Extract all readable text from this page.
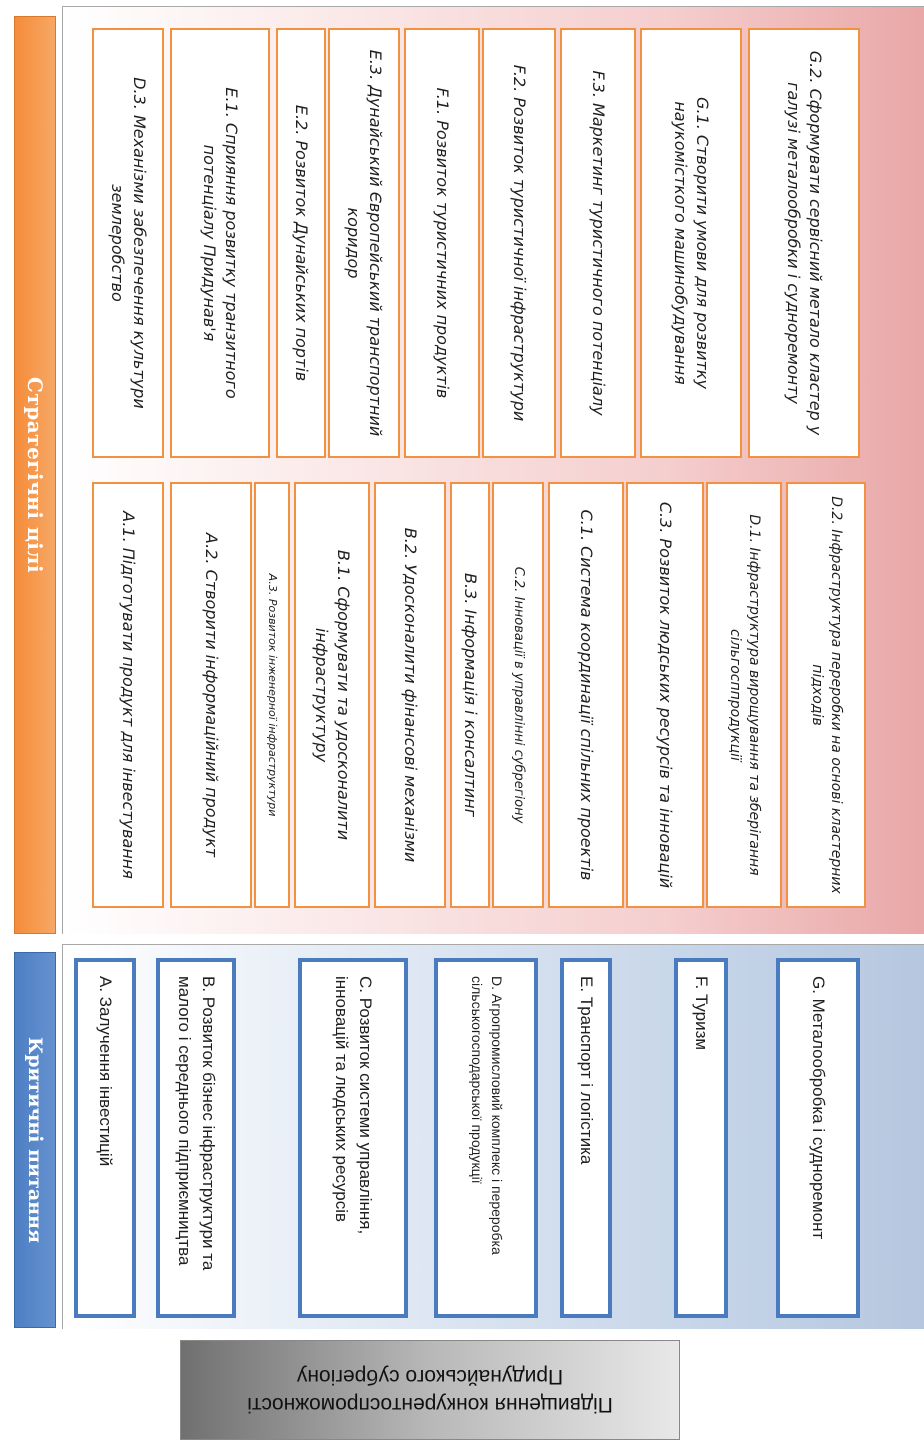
Стратегічні цілі
A.1. Підготувати продукт для інвестування	A.2. Створити інформаційний продукт	A.3. Розвиток інженерної інфраструктури	B.1. Сформувати та удосконалити інфраструктуру	B.2. Удосконалити фінансові механізми	B.3. Інформація і консалтинг C.2. Інновації в управлінні субрегіону	C.1. Система координації спільних проектів	C.3. Розвиток людських ресурсів та інновацій	D.1. Інфраструктура вирощування та зберігання сільгосппродукції	D.2. Інфраструктура переробки на основі кластерних підходів
D.3. Механізми забезпечення культури землеробство	E.1. Сприяння розвитку транзитного потенціалу Придунав'я	E.2. Розвиток Дунайських портів	E.3. Дунайський Європейський транспортний коридор	F.1. Розвиток туристичних продуктів	F.2. Розвиток туристичної інфраструктури	F.3. Маркетинг туристичного потенціалу	G.1. Створити умови для розвитку наукомісткого машинобудування	G.2. Сформувати сервісний метало кластер у галузі металообробки і судноремонту
Критичні питання	A. Залучення інвестицій	B. Розвиток бізнес інфраструктури та малого і середнього підприємництва	C. Розвиток системи управління, інновацій та людських ресурсів	D. Агропромисловий комплекс і переробка сільськогосподарської продукції	E. Транспорт і логістика	F. Туризм	G. Металообробка і судноремонт
Підвищення конкурентоспроможності
Придунайського субрегіону
